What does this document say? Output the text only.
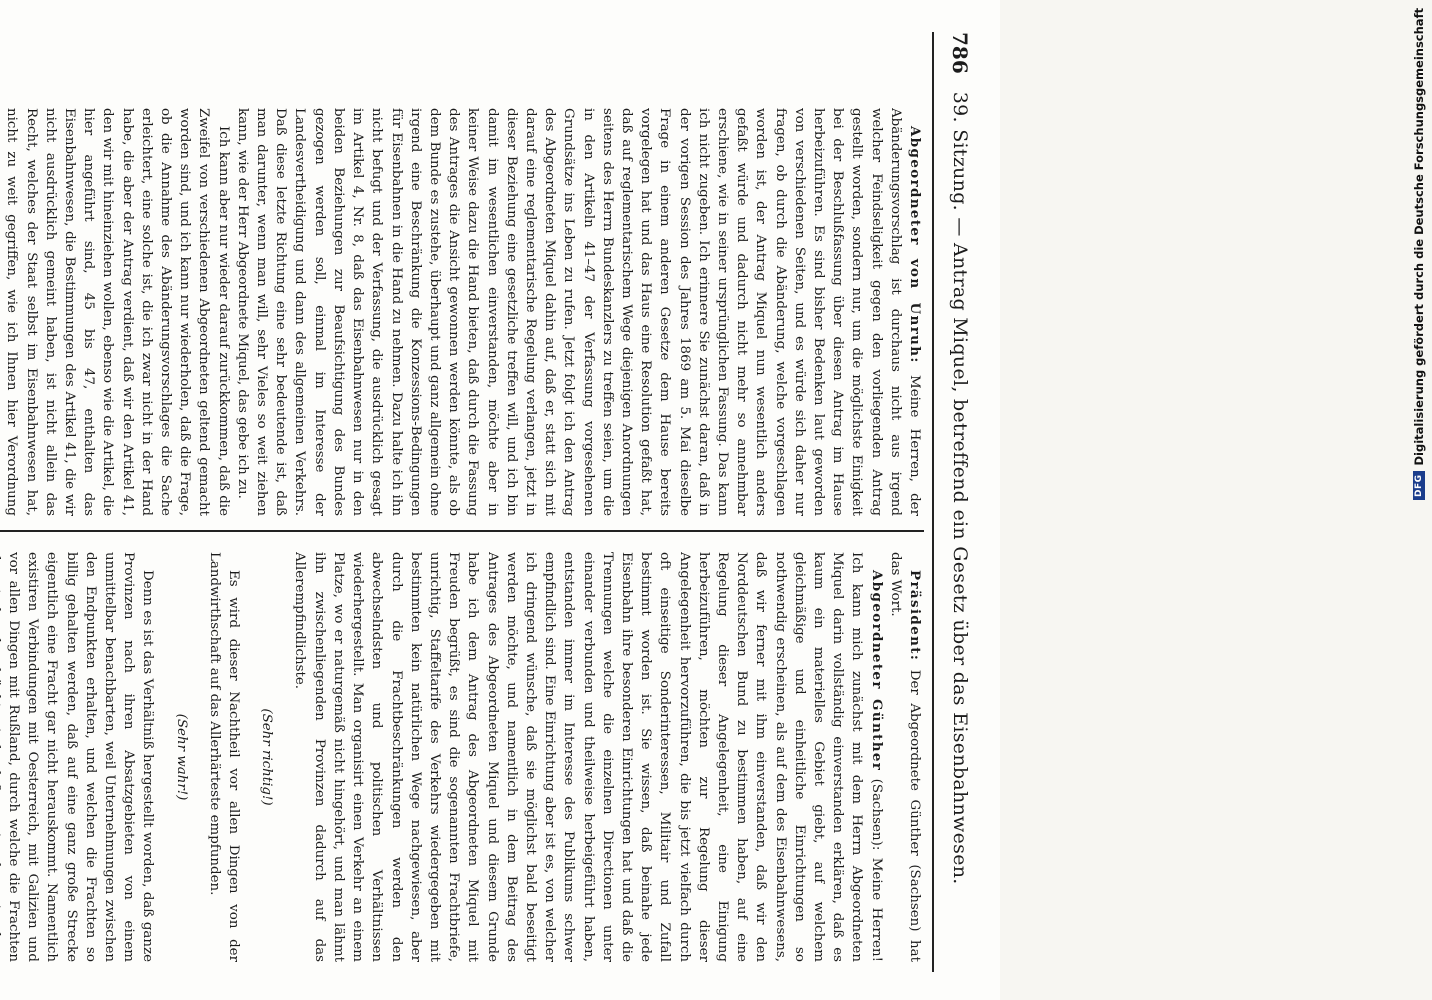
786
39. Sitzung. — Antrag Miquel, betreffend ein Gesetz über das Eisenbahnwesen.

Abgeordneter von Unruh: Meine Herren, der Abänderungsvorschlag ist durchaus nicht aus irgend welcher Feindseligkeit gegen den vorliegenden Antrag gestellt worden, sondern nur, um die möglichste Einigkeit bei der Beschlußfassung über diesen Antrag im Hause herbeizuführen. Es sind bisher Bedenken laut geworden von verschiedenen Seiten, und es würde sich daher nur fragen, ob durch die Abänderung, welche vorgeschlagen worden ist, der Antrag Miquel nun wesentlich anders gefaßt würde und dadurch nicht mehr so annehmbar erschiene, wie in seiner ursprünglichen Fassung. Das kann ich nicht zugeben. Ich erinnere Sie zunächst daran, daß in der vorigen Session des Jahres 1869 am 5. Mai dieselbe Frage in einem anderen Gesetze dem Hause bereits vorgelegen hat und das Haus eine Resolution gefaßt hat, daß auf reglementarischem Wege diejenigen Anordnungen seitens des Herrn Bundeskanzlers zu treffen seien, um die in den Artikeln 41–47 der Verfassung vorgesehenen Grundsätze ins Leben zu rufen. Jetzt folgt ich den Antrag des Abgeordneten Miquel dahin auf, daß er, statt sich mit darauf eine reglementarische Regelung verlangen, jetzt in dieser Beziehung eine gesetzliche treffen will, und ich bin damit im wesentlichen einverstanden, möchte aber in keiner Weise dazu die Hand bieten, daß durch die Fassung des Antrages die Ansicht gewonnen werden könnte, als ob dem Bunde es zustehe, überhaupt und ganz allgemein ohne irgend eine Beschränkung die Konzessions-Bedingungen für Eisenbahnen in die Hand zu nehmen. Dazu halte ich ihn nicht befugt und der Verfassung, die ausdrücklich gesagt im Artikel 4, Nr. 8, daß das Eisenbahnwesen nur in den beiden Beziehungen zur Beaufsichtigung des Bundes gezogen werden soll, einmal im Interesse der Landesvertheidigung und dann des allgemeinen Verkehrs. Daß diese letzte Richtung eine sehr bedeutende ist, daß man darunter, wenn man will, sehr Vieles so weit ziehen kann, wie der Herr Abgeordnete Miquel, das gebe ich zu.

Ich kann aber nur wieder darauf zurückkommen, daß die Zweifel von verschiedenen Abgeordneten geltend gemacht worden sind, und ich kann nur wiederholen, daß die Frage, ob die Annahme des Abänderungsvorschlages die Sache erleichtert, eine solche ist, die ich zwar nicht in der Hand habe, die aber der Antrag verdient, daß wir den Artikel 41, den wir mit hineinziehen wollen, ebenso wie die Artikel, die hier angeführt sind, 45 bis 47, enthalten das Eisenbahnwesen, die Bestimmungen des Artikel 41, die wir nicht ausdrücklich gemeint haben, ist nicht allein das Recht, welches der Staat selbst im Eisenbahnwesen hat, nicht zu weit gegriffen, wie ich Ihnen hier Verordnung

Präsident: Der Abgeordnete Günther (Sachsen) hat das Wort.

Abgeordneter Günther (Sachsen): Meine Herren! Ich kann mich zunächst mit dem Herrn Abgeordneten Miquel darin vollständig einverstanden erklären, daß es kaum ein materielles Gebiet giebt, auf welchem gleichmäßige und einheitliche Einrichtungen so nothwendig erscheinen, als auf dem des Eisenbahnwesens, daß wir ferner mit ihm einverstanden, daß wir den Norddeutschen Bund zu bestimmen haben, auf eine Regelung dieser Angelegenheit, eine Einigung herbeizuführen, möchten zur Regelung dieser Angelegenheit hervorzuführen, die bis jetzt vielfach durch oft einseitige Sonderinteressen, Militair und Zufall bestimmt worden ist. Sie wissen, daß beinahe jede Eisenbahn ihre besonderen Einrichtungen hat und daß die Trennungen welche die einzelnen Directionen unter einander verbunden und theilweise herbeigeführt haben, entstanden immer im Interesse des Publikums schwer empfindlich sind. Eine Einrichtung aber ist es, von welcher ich dringend wünsche, daß sie möglichst bald beseitigt werden möchte, und namentlich in dem Beitrag des Antrages des Abgeordneten Miquel und diesem Grunde habe ich dem Antrag des Abgeordneten Miquel mit Freuden begrüßt, es sind die sogenannten Frachtbriefe, unrichtig, Staffeltarife des Verkehrs wiedergegeben mit bestimmten kein natürlichen Wege nachgewiesen, aber durch die Frachtbeschränkungen werden den abwechselndsten und politischen Verhältnissen wiederhergestellt. Man organisirt einen Verkehr an einem Platze, wo er naturgemäß nicht hingehört, und man lähmt ihn zwischenliegenden Provinzen dadurch auf das Allerempfindlichste.

(Sehr richtig!)

Es wird dieser Nachtheil vor allen Dingen von der Landwirthschaft auf das Allerhärteste empfunden.

(Sehr wahr!)

Denn es ist das Verhältniß hergestellt worden, daß ganze Provinzen nach ihren Absatzgebieten von einem unmittelbar benachbarten, weil Unternehmungen zwischen den Endpunkten erhalten, und welchen die Frachten so billig gehalten werden, daß auf eine ganz große Strecke eigentlich eine Fracht gar nicht herauskommt. Namentlich existiren Verbindungen mit Oesterreich, mit Galizien und vor allen Dingen mit Rußland, durch welche die Frachten

DFG
Digitalisierung gefördert durch die Deutsche Forschungsgemeinschaft
